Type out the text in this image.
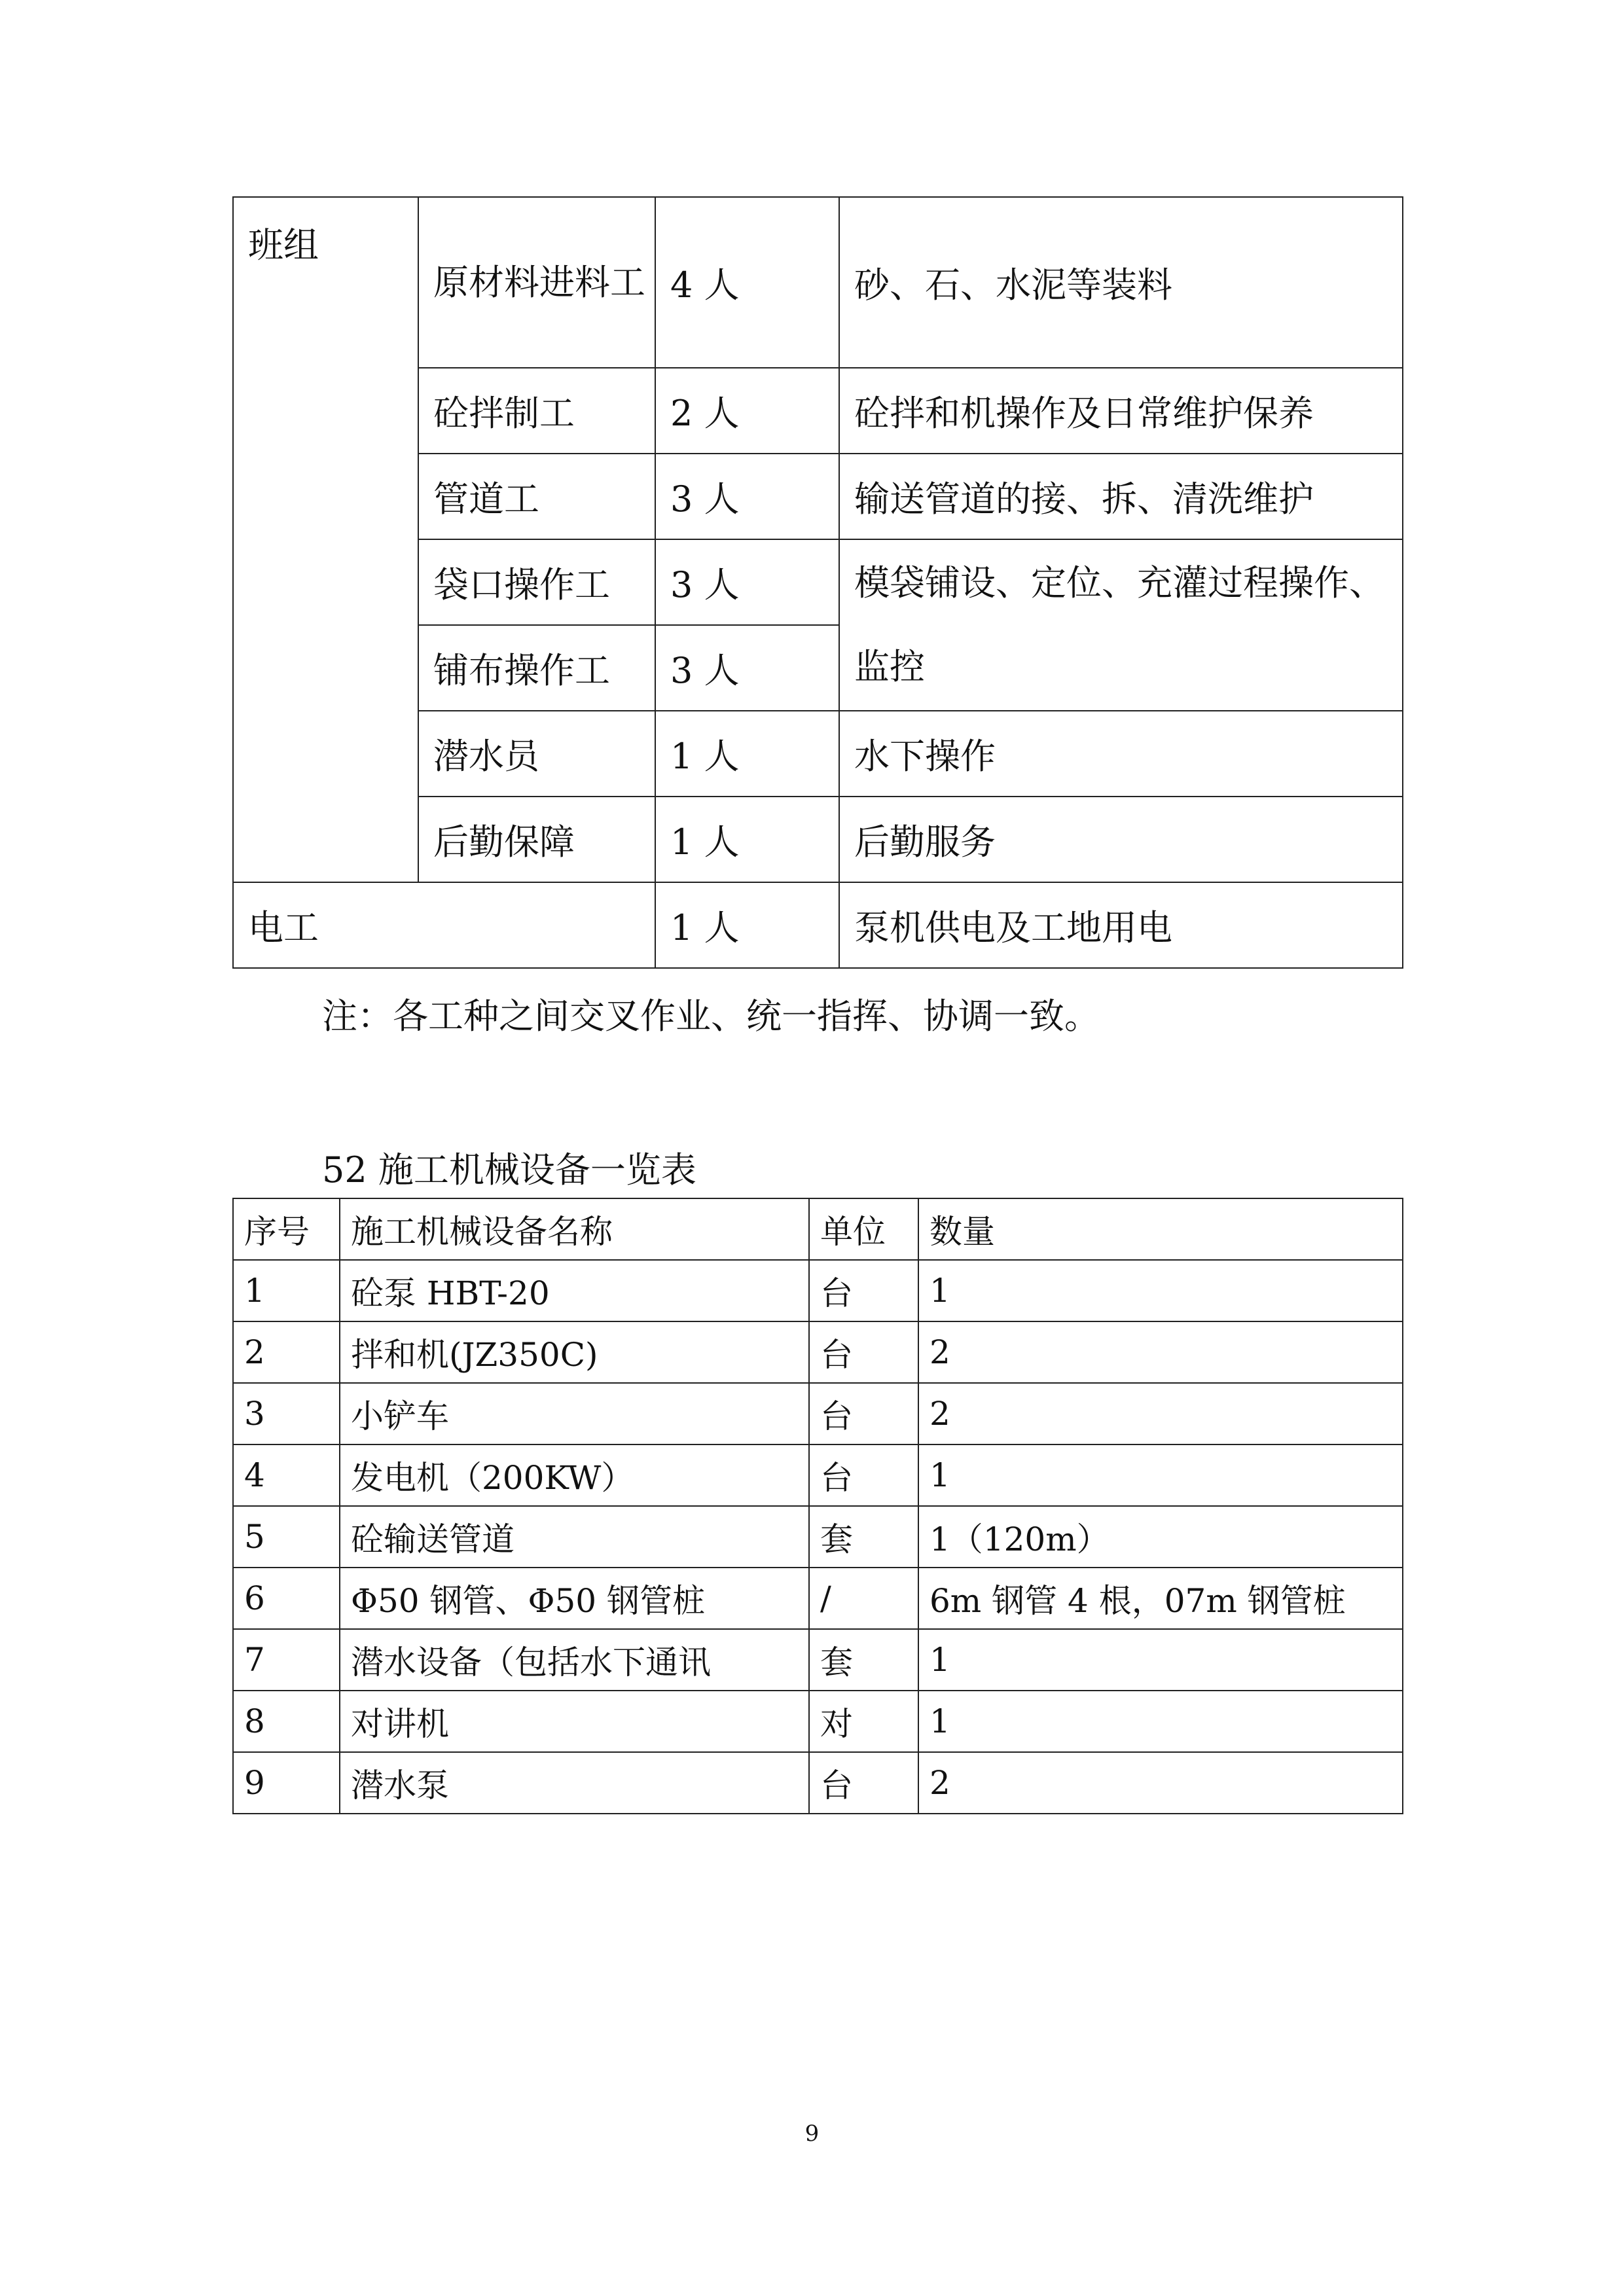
班组	原材料进料工	4 人	砂、石、水泥等装料
	砼拌制工	2 人	砼拌和机操作及日常维护保养
	管道工	3 人	输送管道的接、拆、清洗维护
	袋口操作工	3 人	模袋铺设、定位、充灌过程操作、监控
	铺布操作工	3 人	
	潜水员	1 人	水下操作
	后勤保障	1 人	后勤服务
电工		1 人	泵机供电及工地用电
注：各工种之间交叉作业、统一指挥、协调一致。
52 施工机械设备一览表
序号	施工机械设备名称	单位	数量
1	砼泵 HBT-20	台	1
2	拌和机(JZ350C)	台	2
3	小铲车	台	2
4	发电机（200KW）	台	1
5	砼输送管道	套	1（120m）
6	Φ50 钢管、Φ50 钢管桩	/	6m 钢管 4 根，07m 钢管桩
7	潜水设备（包括水下通讯	套	1
8	对讲机	对	1
9	潜水泵	台	2
9
